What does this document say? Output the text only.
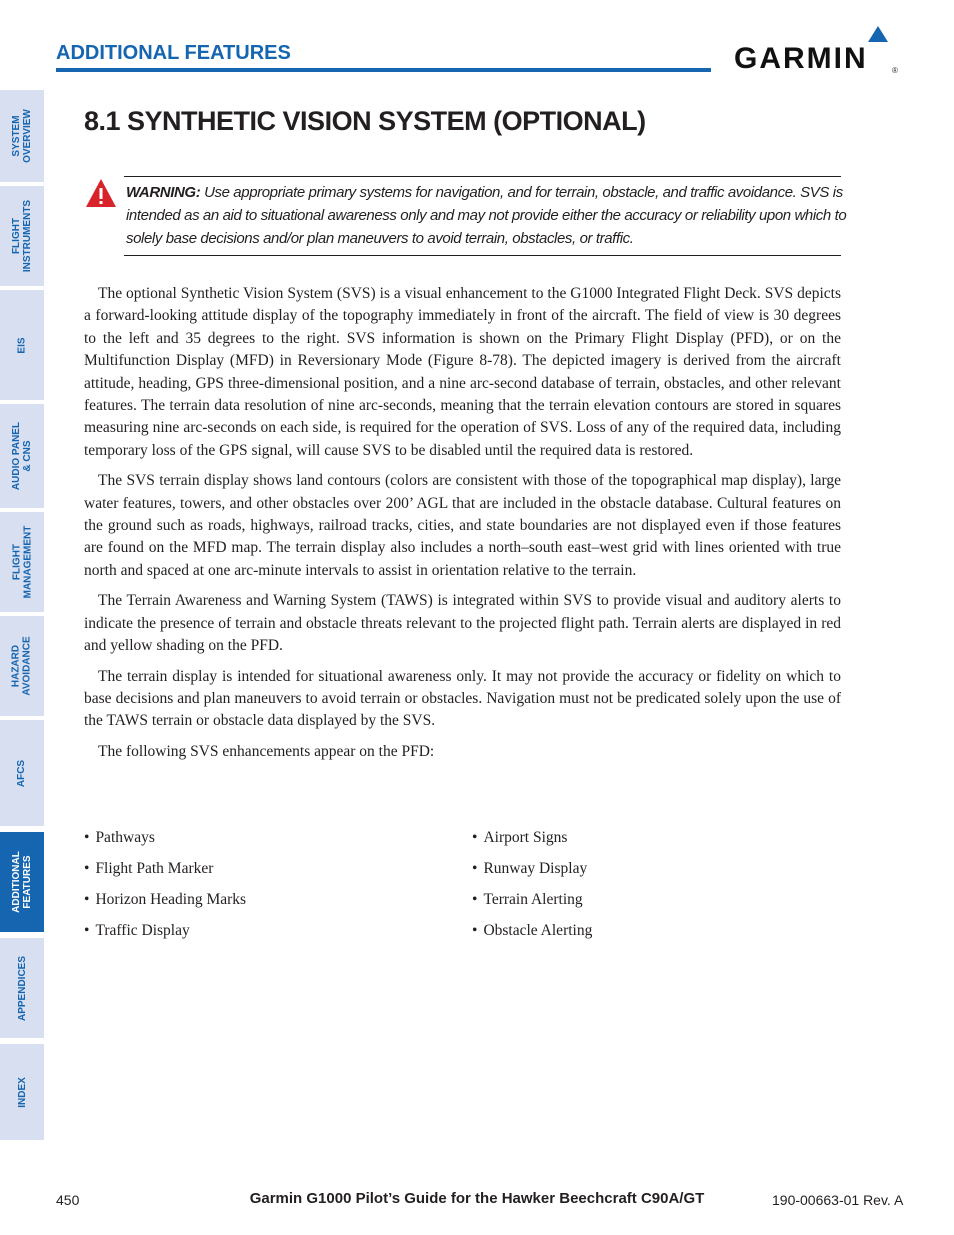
ADDITIONAL FEATURES	GARMIN	®
SYSTEM
OVERVIEW
FLIGHT
INSTRUMENTS
EIS
AUDIO PANEL
& CNS
FLIGHT
MANAGEMENT
HAZARD
AVOIDANCE
AFCS
ADDITIONAL
FEATURES
APPENDICES
INDEX
8.1 SYNTHETIC VISION SYSTEM (OPTIONAL)
WARNING: Use appropriate primary systems for navigation, and for terrain, obstacle, and traffic avoidance. SVS is intended as an aid to situational awareness only and may not provide either the accuracy or reliability upon which to solely base decisions and/or plan maneuvers to avoid terrain, obstacles, or traffic.

The optional Synthetic Vision System (SVS) is a visual enhancement to the G1000 Integrated Flight Deck. SVS depicts a forward-looking attitude display of the topography immediately in front of the aircraft. The field of view is 30 degrees to the left and 35 degrees to the right. SVS information is shown on the Primary Flight Display (PFD), or on the Multifunction Display (MFD) in Reversionary Mode (Figure 8-78). The depicted imagery is derived from the aircraft attitude, heading, GPS three-dimensional position, and a nine arc-second database of terrain, obstacles, and other relevant features. The terrain data resolution of nine arc-seconds, meaning that the terrain elevation contours are stored in squares measuring nine arc-seconds on each side, is required for the operation of SVS. Loss of any of the required data, including temporary loss of the GPS signal, will cause SVS to be disabled until the required data is restored.

The SVS terrain display shows land contours (colors are consistent with those of the topographical map display), large water features, towers, and other obstacles over 200’ AGL that are included in the obstacle database. Cultural features on the ground such as roads, highways, railroad tracks, cities, and state boundaries are not displayed even if those features are found on the MFD map. The terrain display also includes a north–south east–west grid with lines oriented with true north and spaced at one arc-minute intervals to assist in orientation relative to the terrain.

The Terrain Awareness and Warning System (TAWS) is integrated within SVS to provide visual and auditory alerts to indicate the presence of terrain and obstacle threats relevant to the projected flight path. Terrain alerts are displayed in red and yellow shading on the PFD.

The terrain display is intended for situational awareness only. It may not provide the accuracy or fidelity on which to base decisions and plan maneuvers to avoid terrain or obstacles. Navigation must not be predicated solely upon the use of the TAWS terrain or obstacle data displayed by the SVS.

The following SVS enhancements appear on the PFD:

• Pathways
• Flight Path Marker
• Horizon Heading Marks
• Traffic Display
• Airport Signs
• Runway Display
• Terrain Alerting
• Obstacle Alerting
450	Garmin G1000 Pilot’s Guide for the Hawker Beechcraft C90A/GT	190-00663-01 Rev. A
